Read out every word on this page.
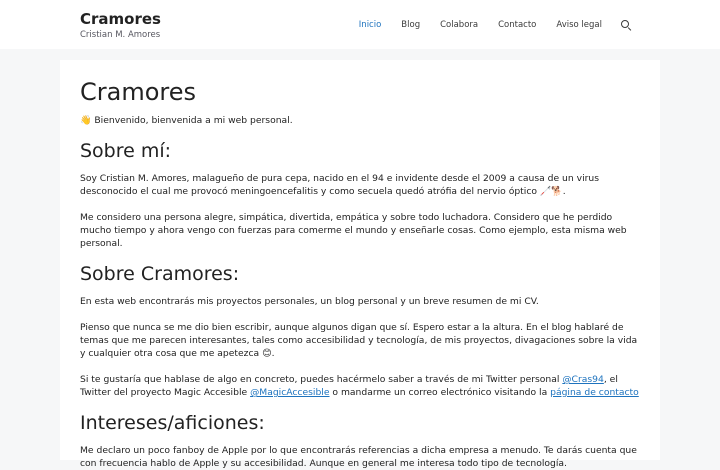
Cramores
Cristian M. Amores
Inicio Blog Colabora Contacto Aviso legal
Cramores

👋 Bienvenido, bienvenida a mi web personal.

Sobre mí:

Soy Cristian M. Amores, malagueño de pura cepa, nacido en el 94 e invidente desde el 2009 a causa de un virus desconocido el cual me provocó meningoencefalitis y como secuela quedó atrófia del nervio óptico 🦯🐕.

Me considero una persona alegre, simpática, divertida, empática y sobre todo luchadora. Considero que he perdido mucho tiempo y ahora vengo con fuerzas para comerme el mundo y enseñarle cosas. Como ejemplo, esta misma web personal.

Sobre Cramores:

En esta web encontrarás mis proyectos personales, un blog personal y un breve resumen de mi CV.

Pienso que nunca se me dio bien escribir, aunque algunos digan que sí. Espero estar a la altura. En el blog hablaré de temas que me parecen interesantes, tales como accesibilidad y tecnología, de mis proyectos, divagaciones sobre la vida y cualquier otra cosa que me apetezca 😊.

Si te gustaría que hablase de algo en concreto, puedes hacérmelo saber a través de mi Twitter personal @Cras94, el Twitter del proyecto Magic Accesible @MagicAccesible o mandarme un correo electrónico visitando la página de contacto

Intereses/aficiones:

Me declaro un poco fanboy de Apple por lo que encontrarás referencias a dicha empresa a menudo. Te darás cuenta que con frecuencia hablo de Apple y su accesibilidad. Aunque en general me interesa todo tipo de tecnología.
